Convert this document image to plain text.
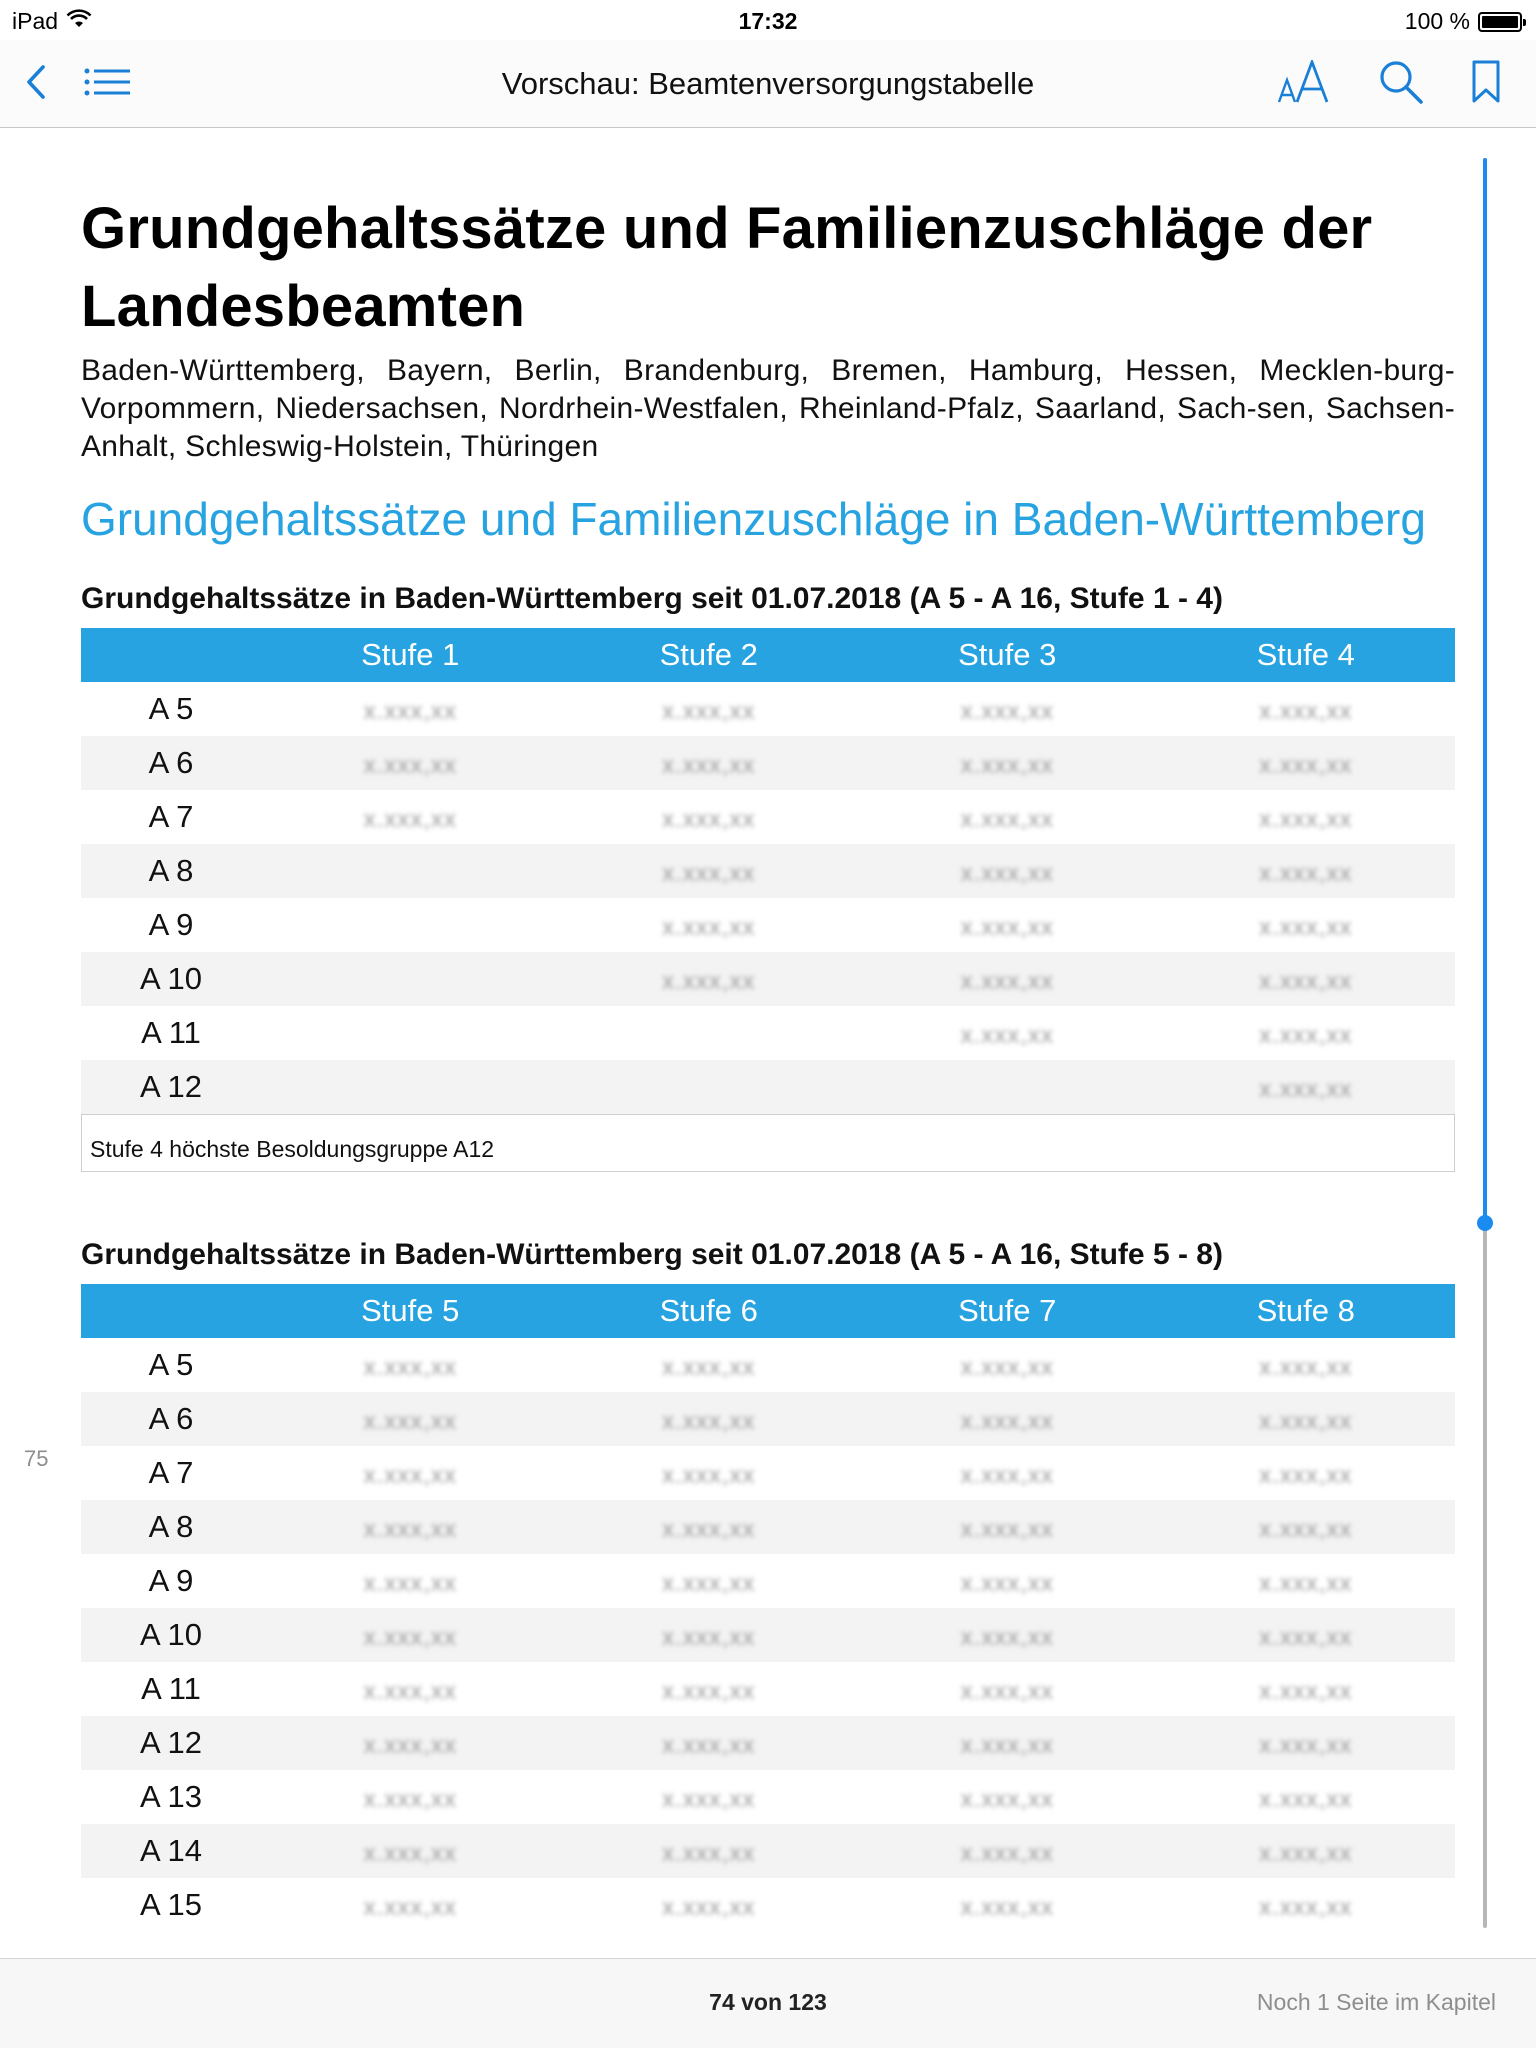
iPad	17:32	100 %
Vorschau: Beamtenversorgungstabelle
Grundgehaltssätze und Familienzuschläge der Landesbeamten
Baden-Württemberg, Bayern, Berlin, Brandenburg, Bremen, Hamburg, Hessen, Mecklen-burg-Vorpommern, Niedersachsen, Nordrhein-Westfalen, Rheinland-Pfalz, Saarland, Sach-sen, Sachsen-Anhalt, Schleswig-Holstein, Thüringen
Grundgehaltssätze und Familienzuschläge in Baden-Württemberg
Grundgehaltssätze in Baden-Württemberg seit 01.07.2018 (A 5 - A 16, Stufe 1 - 4)
	Stufe 1	Stufe 2	Stufe 3	Stufe 4
A 5	x.xxx,xx	x.xxx,xx	x.xxx,xx	x.xxx,xx
A 6	x.xxx,xx	x.xxx,xx	x.xxx,xx	x.xxx,xx
A 7	x.xxx,xx	x.xxx,xx	x.xxx,xx	x.xxx,xx
A 8		x.xxx,xx	x.xxx,xx	x.xxx,xx
A 9		x.xxx,xx	x.xxx,xx	x.xxx,xx
A 10		x.xxx,xx	x.xxx,xx	x.xxx,xx
A 11			x.xxx,xx	x.xxx,xx
A 12				x.xxx,xx
Stufe 4 höchste Besoldungsgruppe A12
Grundgehaltssätze in Baden-Württemberg seit 01.07.2018 (A 5 - A 16, Stufe 5 - 8)
	Stufe 5	Stufe 6	Stufe 7	Stufe 8
A 5	x.xxx,xx	x.xxx,xx	x.xxx,xx	x.xxx,xx
A 6	x.xxx,xx	x.xxx,xx	x.xxx,xx	x.xxx,xx
A 7	x.xxx,xx	x.xxx,xx	x.xxx,xx	x.xxx,xx
A 8	x.xxx,xx	x.xxx,xx	x.xxx,xx	x.xxx,xx
A 9	x.xxx,xx	x.xxx,xx	x.xxx,xx	x.xxx,xx
A 10	x.xxx,xx	x.xxx,xx	x.xxx,xx	x.xxx,xx
A 11	x.xxx,xx	x.xxx,xx	x.xxx,xx	x.xxx,xx
A 12	x.xxx,xx	x.xxx,xx	x.xxx,xx	x.xxx,xx
A 13	x.xxx,xx	x.xxx,xx	x.xxx,xx	x.xxx,xx
A 14	x.xxx,xx	x.xxx,xx	x.xxx,xx	x.xxx,xx
A 15	x.xxx,xx	x.xxx,xx	x.xxx,xx	x.xxx,xx
75
74 von 123	Noch 1 Seite im Kapitel
